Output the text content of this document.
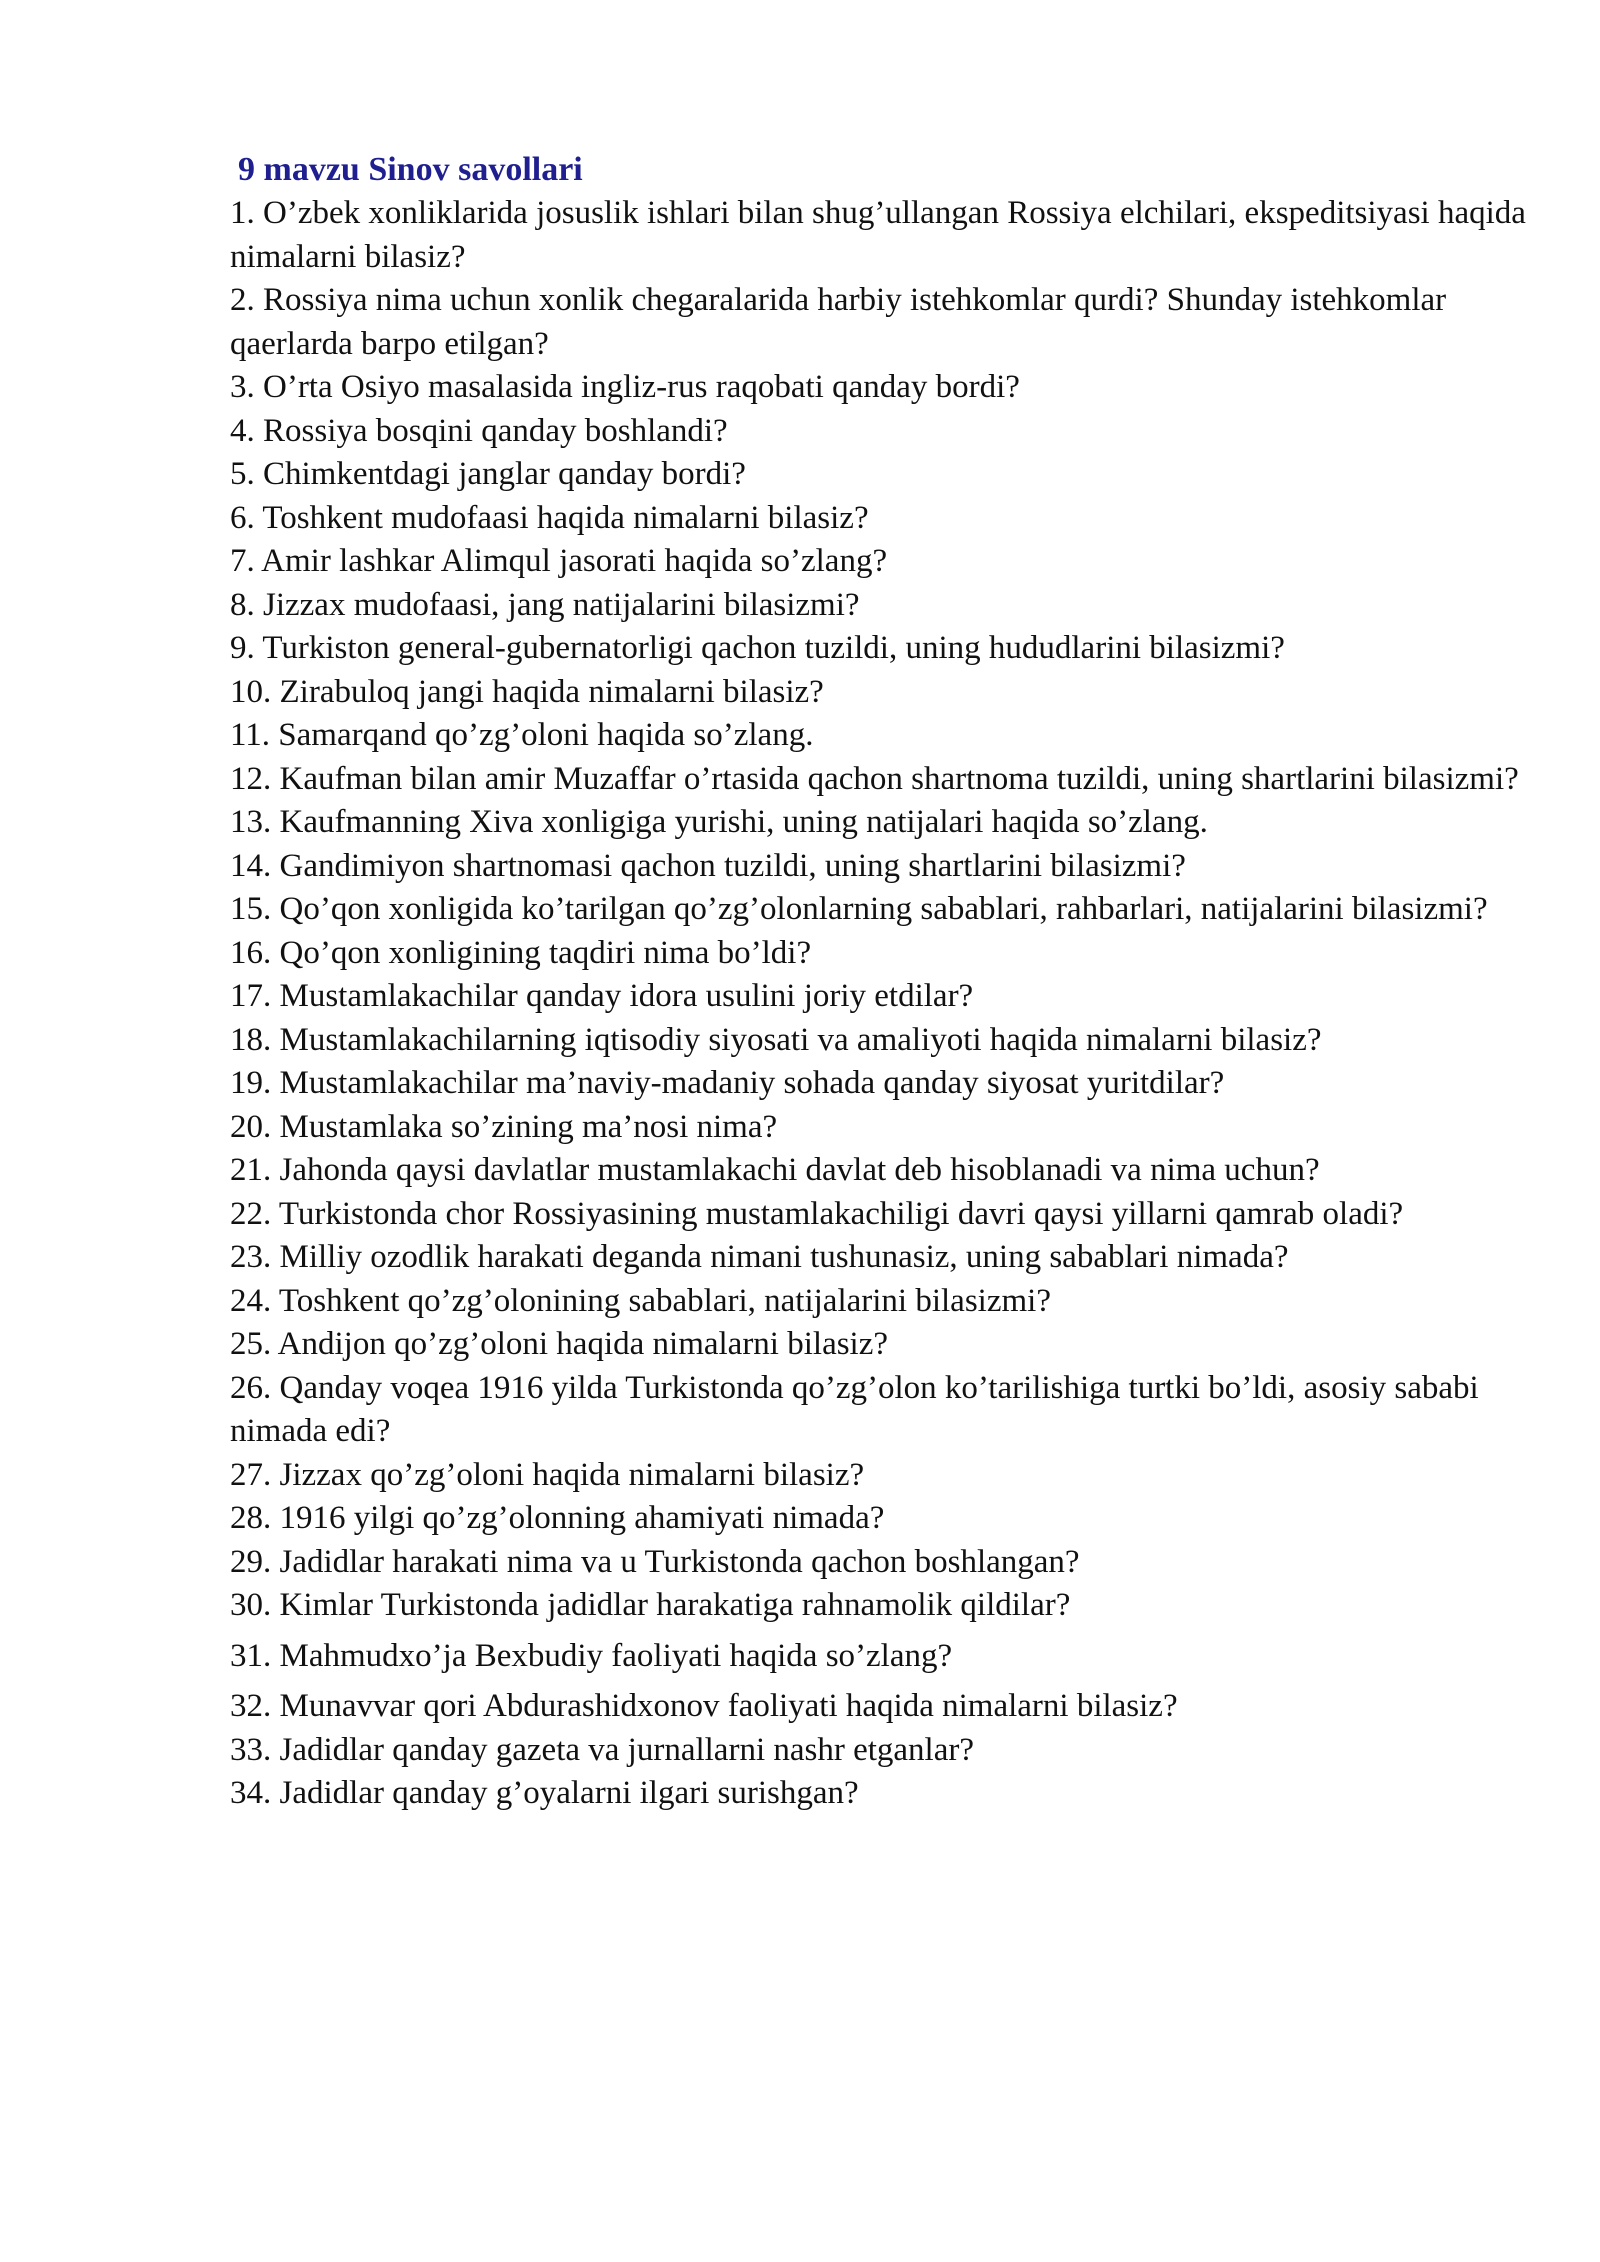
9 mavzu Sinov savollari
1. O’zbek xonliklarida josuslik ishlari bilan shug’ullangan Rossiya elchilari, ekspeditsiyasi haqida nimalarni bilasiz?
2. Rossiya nima uchun xonlik chegaralarida harbiy istehkomlar qurdi? Shunday istehkomlar qaerlarda barpo etilgan?
3. O’rta Osiyo masalasida ingliz-rus raqobati qanday bordi?
4. Rossiya bosqini qanday boshlandi?
5. Chimkentdagi janglar qanday bordi?
6. Toshkent mudofaasi haqida nimalarni bilasiz?
7. Amir lashkar Alimqul jasorati haqida so’zlang?
8. Jizzax mudofaasi, jang natijalarini bilasizmi?
9. Turkiston general-gubernatorligi qachon tuzildi, uning hududlarini bilasizmi?
10. Zirabuloq jangi haqida nimalarni bilasiz?
11. Samarqand qo’zg’oloni haqida so’zlang.
12. Kaufman bilan amir Muzaffar o’rtasida qachon shartnoma tuzildi, uning shartlarini bilasizmi?
13. Kaufmanning Xiva xonligiga yurishi, uning natijalari haqida so’zlang.
14. Gandimiyon shartnomasi qachon tuzildi, uning shartlarini bilasizmi?
15. Qo’qon xonligida ko’tarilgan qo’zg’olonlarning sabablari, rahbarlari, natijalarini bilasizmi?
16. Qo’qon xonligining taqdiri nima bo’ldi?
17. Mustamlakachilar qanday idora usulini joriy etdilar?
18. Mustamlakachilarning iqtisodiy siyosati va amaliyoti haqida nimalarni bilasiz?
19. Mustamlakachilar ma’naviy-madaniy sohada qanday siyosat yuritdilar?
20. Mustamlaka so’zining ma’nosi nima?
21. Jahonda qaysi davlatlar mustamlakachi davlat deb hisoblanadi va nima uchun?
22. Turkistonda chor Rossiyasining mustamlakachiligi davri qaysi yillarni qamrab oladi?
23. Milliy ozodlik harakati deganda nimani tushunasiz, uning sabablari nimada?
24. Toshkent qo’zg’olonining sabablari, natijalarini bilasizmi?
25. Andijon qo’zg’oloni haqida nimalarni bilasiz?
26. Qanday voqea 1916 yilda Turkistonda qo’zg’olon ko’tarilishiga turtki bo’ldi, asosiy sababi nimada edi?
27. Jizzax qo’zg’oloni haqida nimalarni bilasiz?
28. 1916 yilgi qo’zg’olonning ahamiyati nimada?
29. Jadidlar harakati nima va u Turkistonda qachon boshlangan?
30. Kimlar Turkistonda jadidlar harakatiga rahnamolik qildilar?
31. Mahmudxo’ja Bexbudiy faoliyati haqida so’zlang?
32. Munavvar qori Abdurashidxonov faoliyati haqida nimalarni bilasiz?
33. Jadidlar qanday gazeta va jurnallarni nashr etganlar?
34. Jadidlar qanday g’oyalarni ilgari surishgan?
